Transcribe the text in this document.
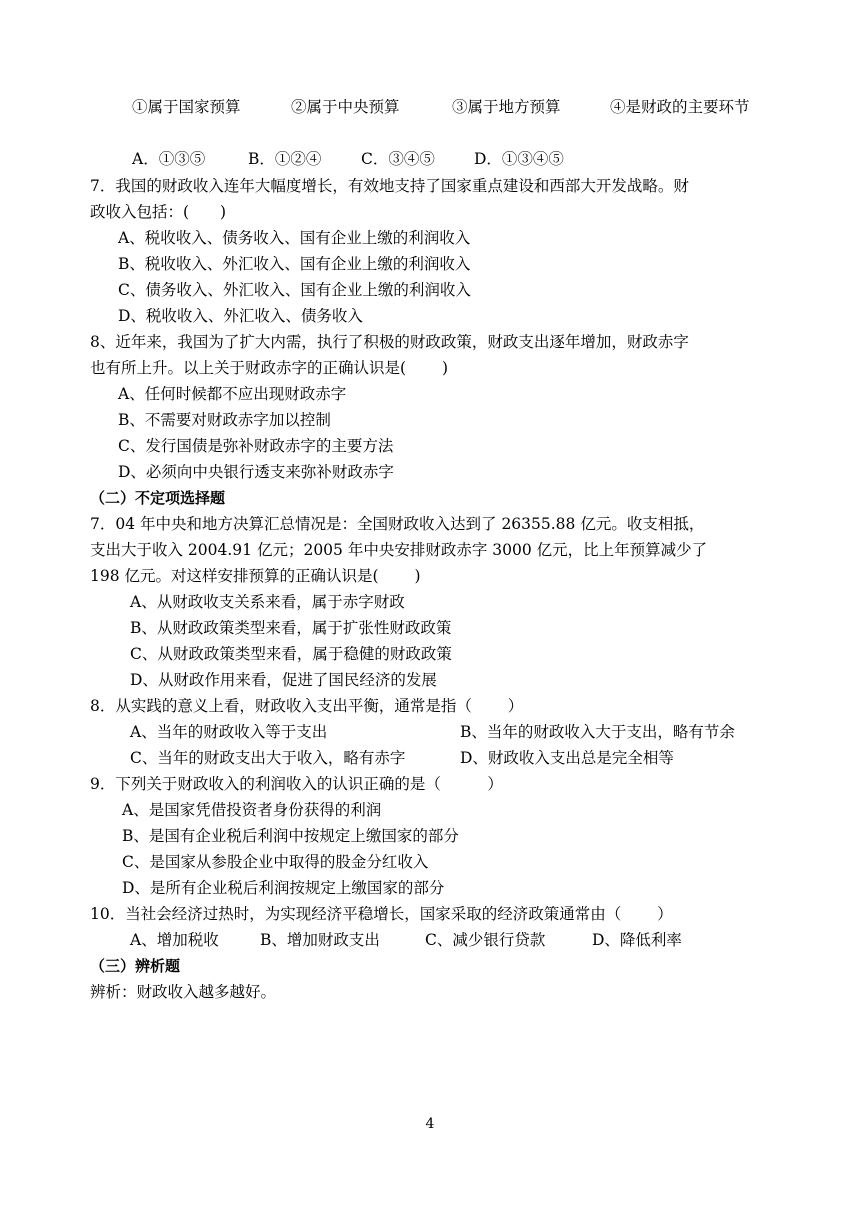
①属于国家预算	②属于中央预算	③属于地方预算	④是财政的主要环节
A．①③⑤	B．①②④	C．③④⑤	D．①③④⑤
7．我国的财政收入连年大幅度增长，有效地支持了国家重点建设和西部大开发战略。财
政收入包括：(　　)
A、税收收入、债务收入、国有企业上缴的利润收入
B、税收收入、外汇收入、国有企业上缴的利润收入
C、债务收入、外汇收入、国有企业上缴的利润收入
D、税收收入、外汇收入、债务收入
8、近年来，我国为了扩大内需，执行了积极的财政政策，财政支出逐年增加，财政赤字
也有所上升。以上关于财政赤字的正确认识是(　　 )
A、任何时候都不应出现财政赤字
B、不需要对财政赤字加以控制
C、发行国债是弥补财政赤字的主要方法
D、必须向中央银行透支来弥补财政赤字
（二）不定项选择题
7．04 年中央和地方决算汇总情况是：全国财政收入达到了 26355.88 亿元。收支相抵，
支出大于收入 2004.91 亿元；2005 年中央安排财政赤字 3000 亿元，比上年预算减少了
198 亿元。对这样安排预算的正确认识是(　　 )
A、从财政收支关系来看，属于赤字财政
B、从财政政策类型来看，属于扩张性财政政策
C、从财政政策类型来看，属于稳健的财政政策
D、从财政作用来看，促进了国民经济的发展
8．从实践的意义上看，财政收入支出平衡，通常是指（　　 ）
A、当年的财政收入等于支出	B、当年的财政收入大于支出，略有节余
C、当年的财政支出大于收入，略有赤字	D、财政收入支出总是完全相等
9．下列关于财政收入的利润收入的认识正确的是（　　　）
A、是国家凭借投资者身份获得的利润
B、是国有企业税后利润中按规定上缴国家的部分
C、是国家从参股企业中取得的股金分红收入
D、是所有企业税后利润按规定上缴国家的部分
10．当社会经济过热时，为实现经济平稳增长，国家采取的经济政策通常由（　　 ）
A、增加税收	B、增加财政支出	C、减少银行贷款	D、降低利率
（三）辨析题
辨析：财政收入越多越好。
4
